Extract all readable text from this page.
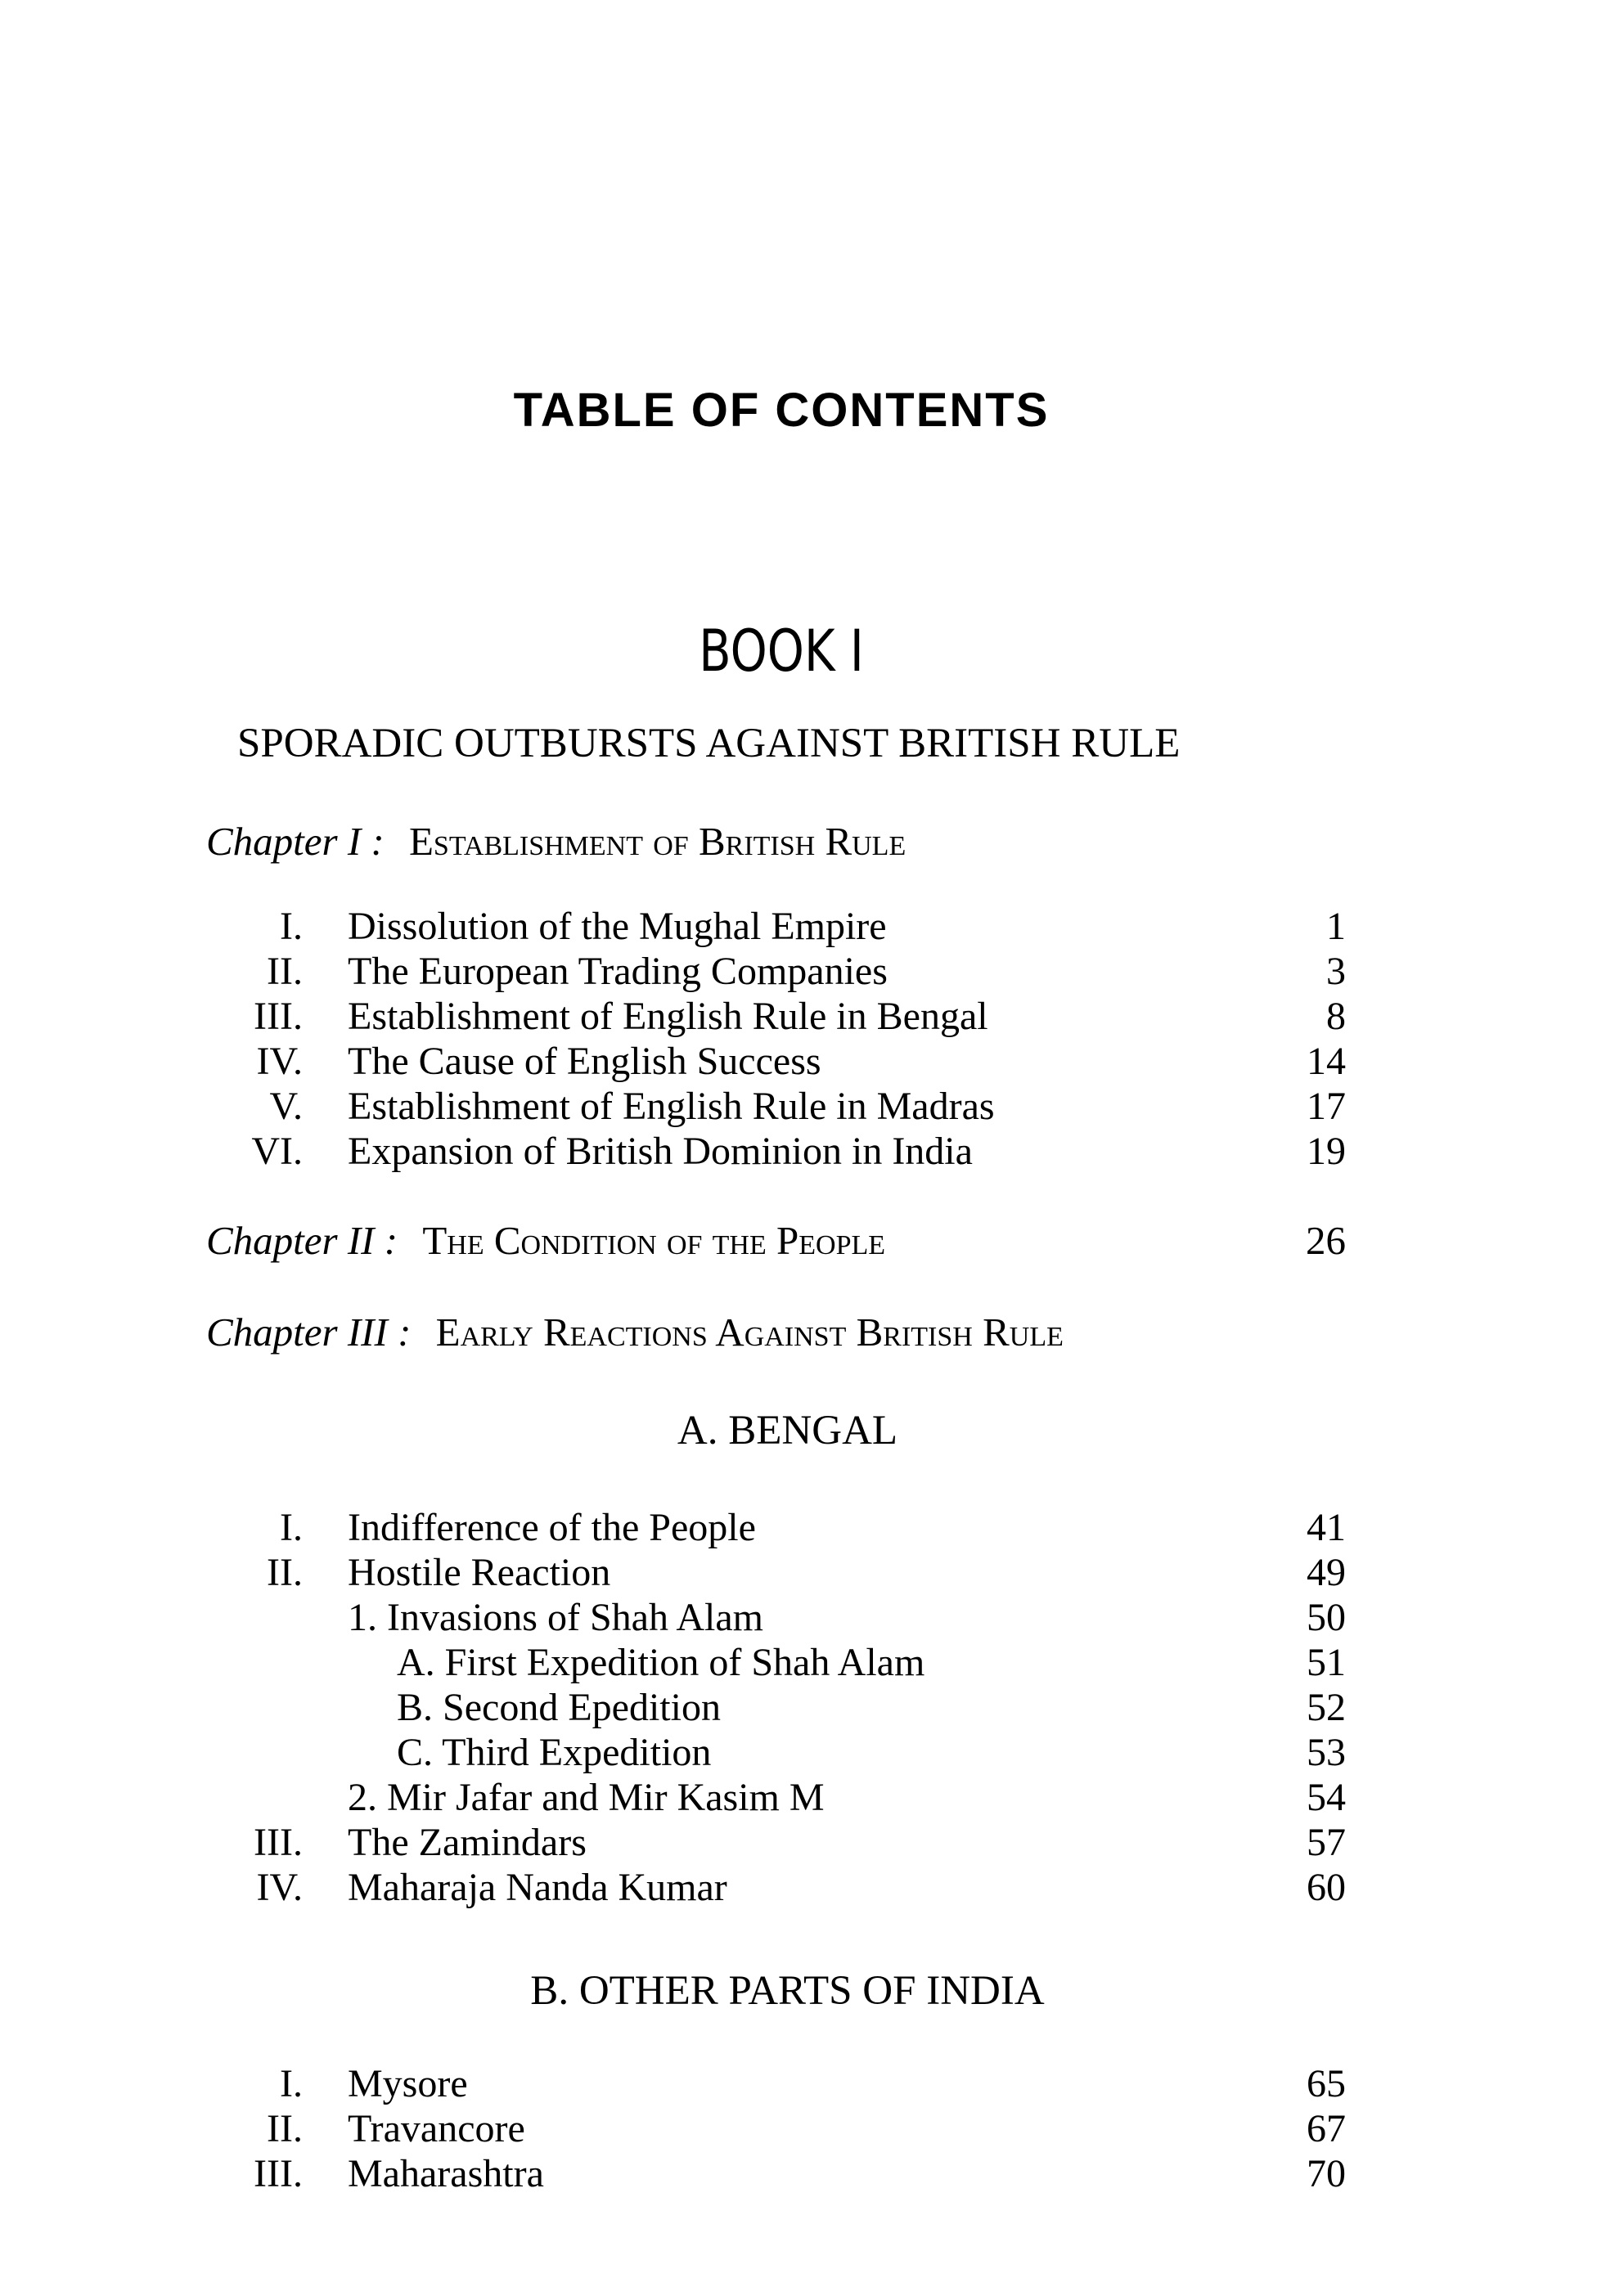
TABLE OF CONTENTS
BOOK I
SPORADIC OUTBURSTS AGAINST BRITISH RULE
Chapter I : Establishment of British Rule
I. Dissolution of the Mughal Empire	1
II. The European Trading Companies	3
III. Establishment of English Rule in Bengal	8
IV. The Cause of English Success	14
V. Establishment of English Rule in Madras	17
VI. Expansion of British Dominion in India	19
Chapter II : The Condition of the People	26
Chapter III : Early Reactions Against British Rule
A. BENGAL
I. Indifference of the People	41
II. Hostile Reaction	49
1. Invasions of Shah Alam	50
A. First Expedition of Shah Alam	51
B. Second Epedition	52
C. Third Expedition	53
2. Mir Jafar and Mir Kasim M	54
III. The Zamindars	57
IV. Maharaja Nanda Kumar	60
B. OTHER PARTS OF INDIA
I. Mysore	65
II. Travancore	67
III. Maharashtra	70
